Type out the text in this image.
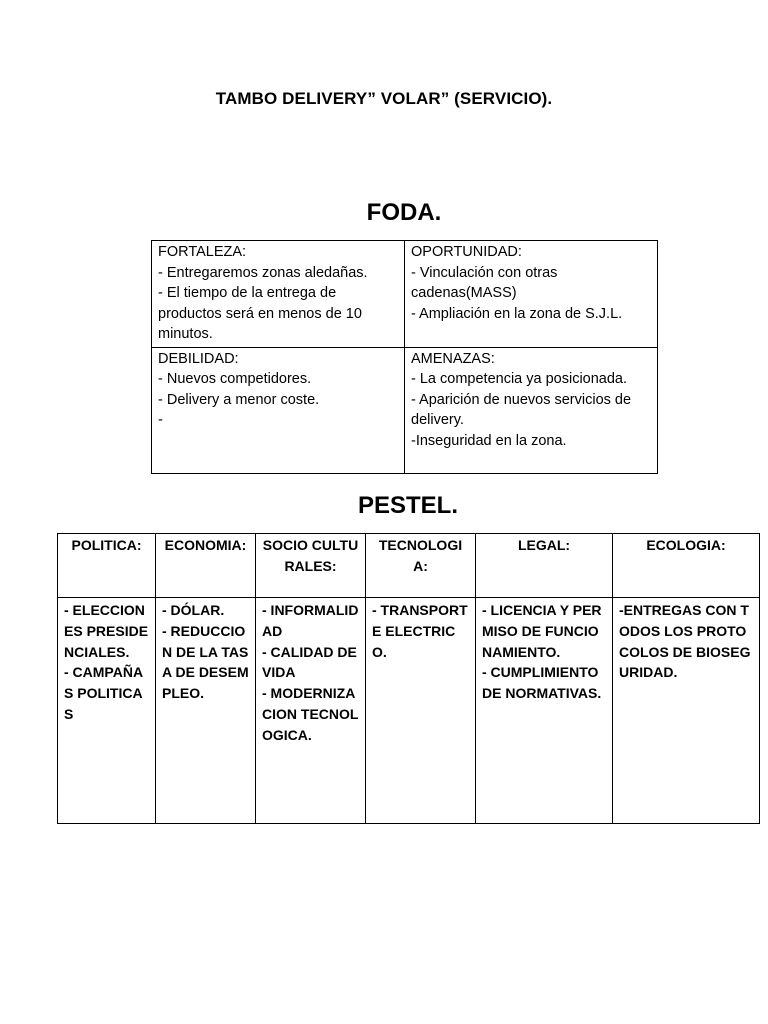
TAMBO DELIVERY” VOLAR” (SERVICIO).
FODA.
FORTALEZA:
- Entregaremos zonas aledañas.
- El tiempo de la entrega de productos será en menos de 10 minutos.	OPORTUNIDAD:
- Vinculación con otras cadenas(MASS)
- Ampliación en la zona de S.J.L.

DEBILIDAD:
- Nuevos competidores.
- Delivery a menor coste.
-	AMENAZAS:
- La competencia ya posicionada.
- Aparición de nuevos servicios de delivery.
-Inseguridad en la zona.
PESTEL.
POLITICA:	ECONOMIA:	SOCIO CULTURALES:	TECNOLOGIA:	LEGAL:	ECOLOGIA:

- ELECCIONES PRESIDENCIALES.
- CAMPAÑAS POLITICAS	- DÓLAR.
- REDUCCION DE LA TASA DE DESEMPLEO.	- INFORMALIDAD
- CALIDAD DE VIDA
- MODERNIZACION TECNOLOGICA.	- TRANSPORTE ELECTRICO.	- LICENCIA Y PERMISO DE FUNCIONAMIENTO.
- CUMPLIMIENTO DE NORMATIVAS.	-ENTREGAS CON TODOS LOS PROTOCOLOS DE BIOSEGURIDAD.
